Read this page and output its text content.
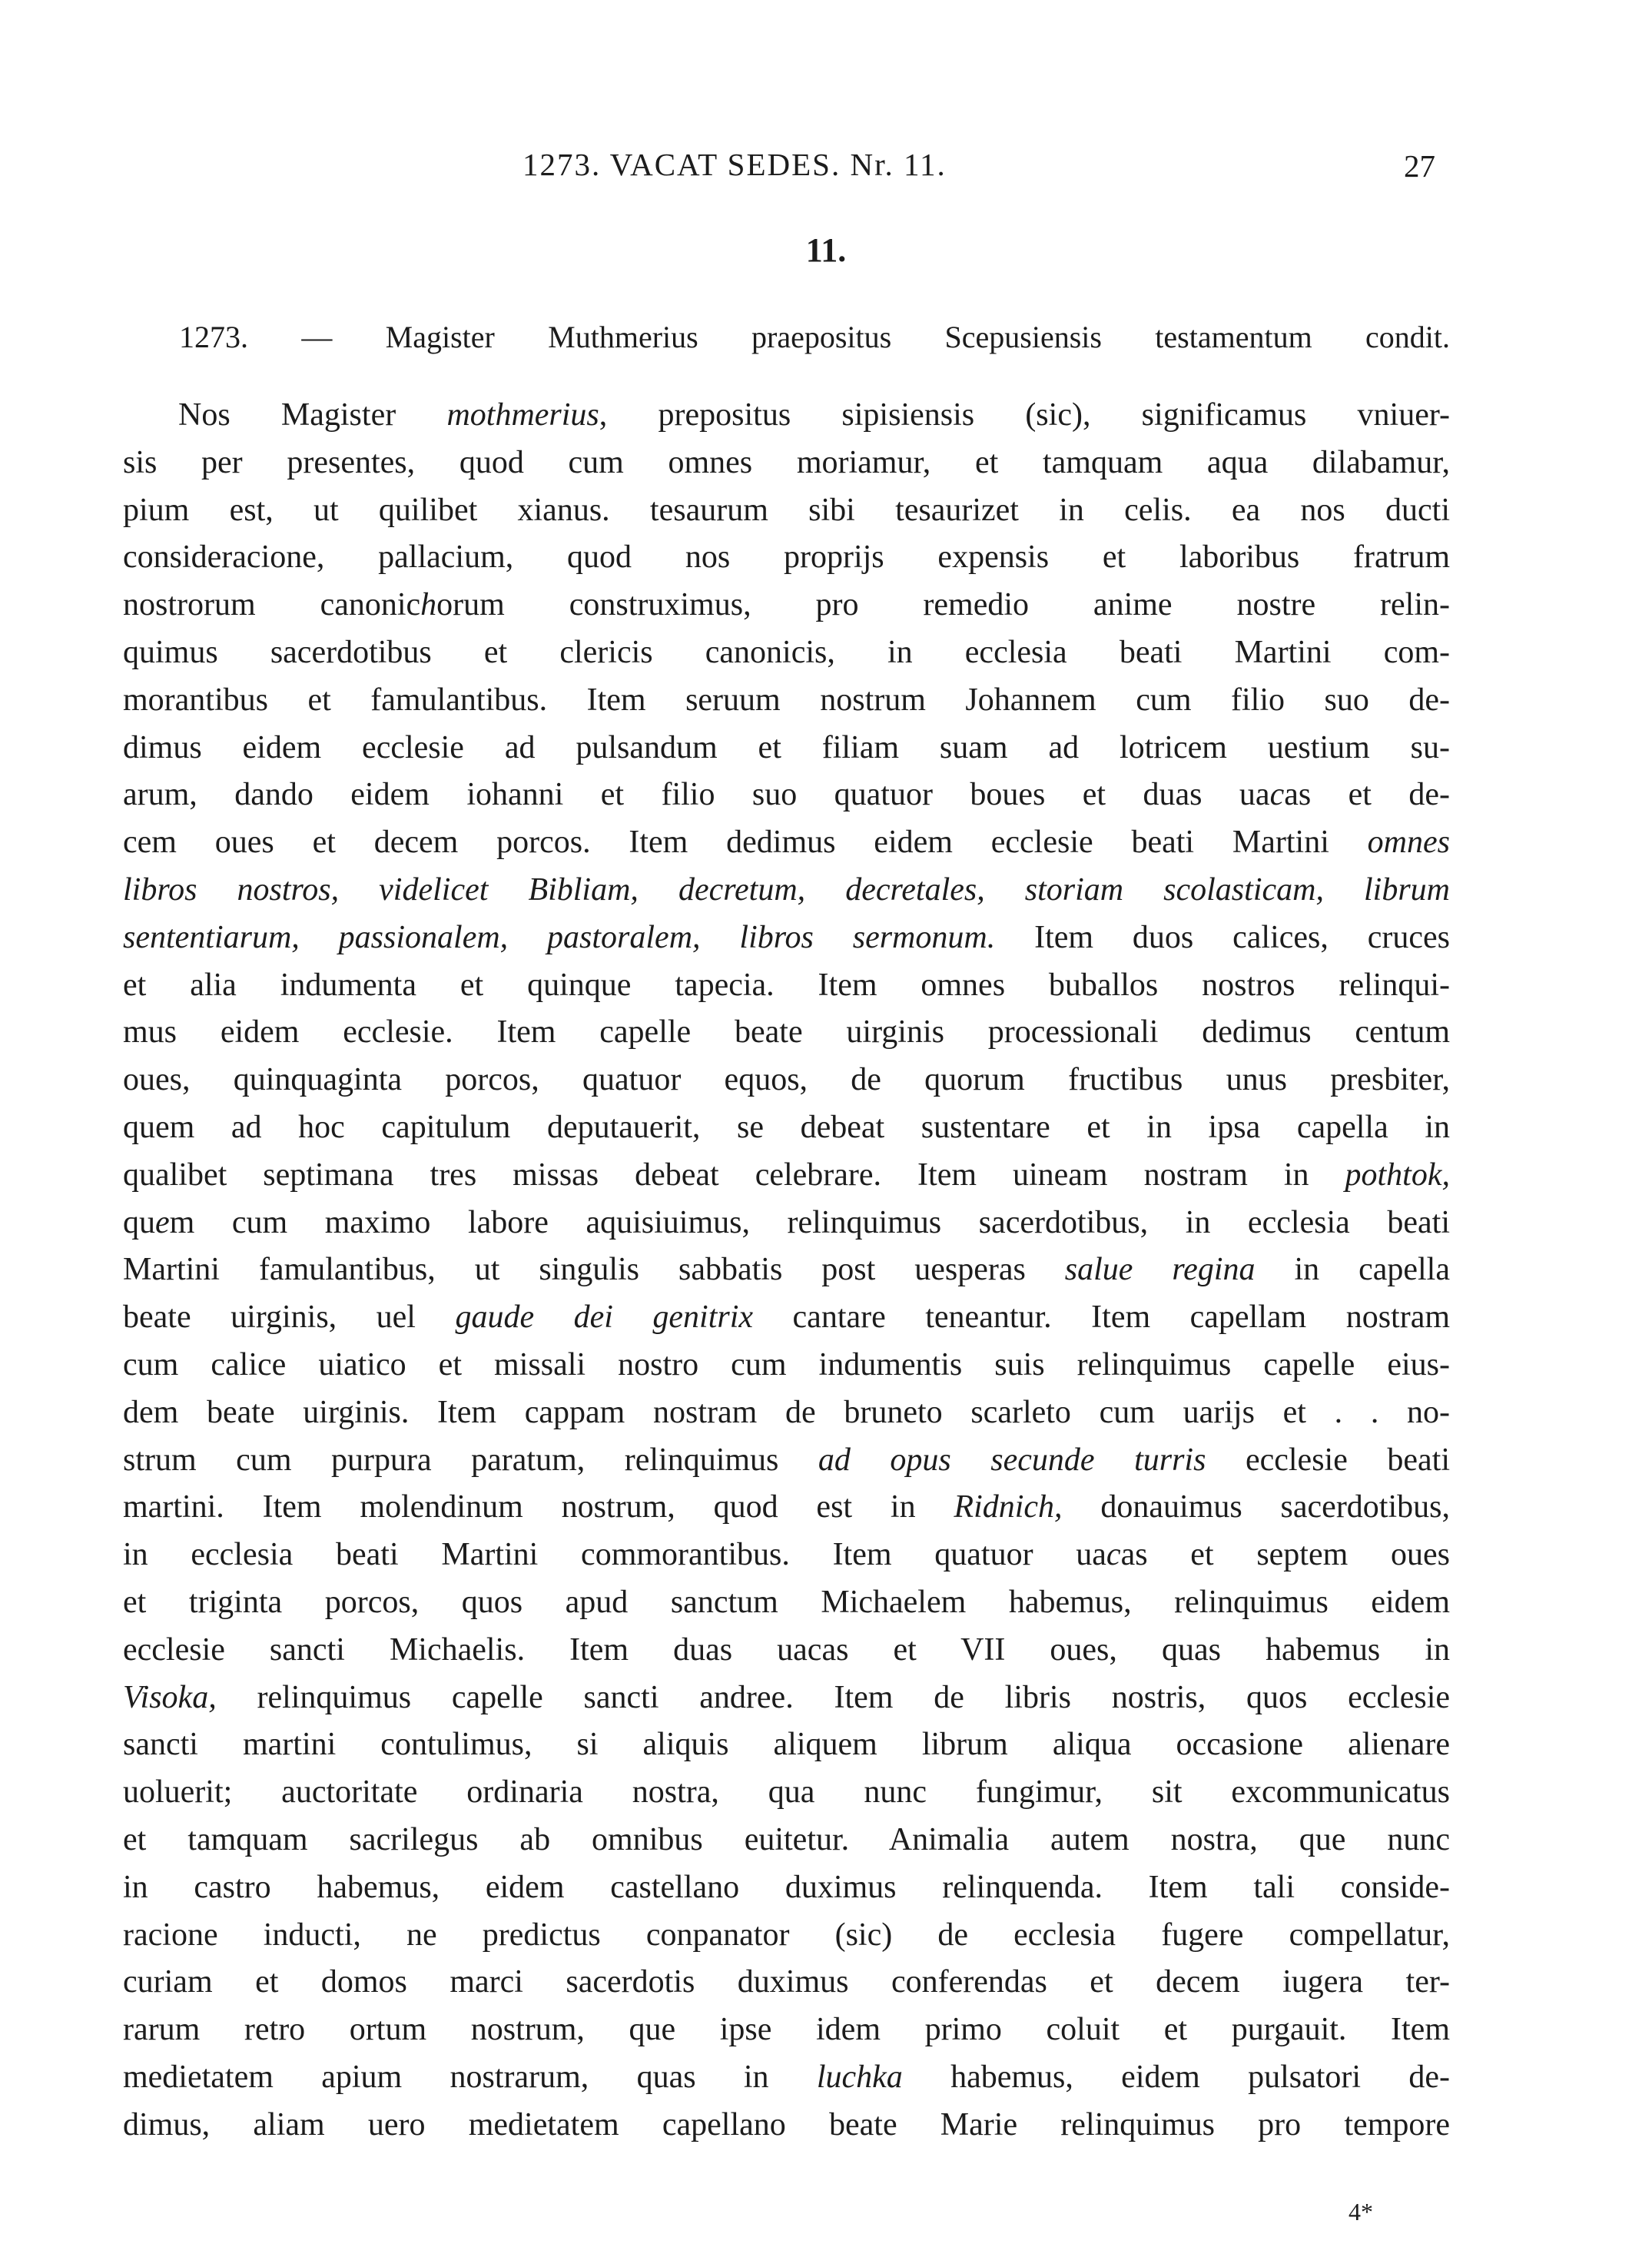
1273. VACAT SEDES. Nr. 11.	27
11.
1273. — Magister Muthmerius praepositus Scepusiensis testamentum condit.
Nos Magister mothmerius, prepositus sipisiensis (sic), significamus vniuer-
sis per presentes, quod cum omnes moriamur, et tamquam aqua dilabamur,
pium est, ut quilibet xianus. tesaurum sibi tesaurizet in celis. ea nos ducti
consideracione, pallacium, quod nos proprijs expensis et laboribus fratrum
nostrorum canonichorum construximus, pro remedio anime nostre relin-
quimus sacerdotibus et clericis canonicis, in ecclesia beati Martini com-
morantibus et famulantibus. Item seruum nostrum Johannem cum filio suo de-
dimus eidem ecclesie ad pulsandum et filiam suam ad lotricem uestium su-
arum, dando eidem iohanni et filio suo quatuor boues et duas uacas et de-
cem oues et decem porcos. Item dedimus eidem ecclesie beati Martini omnes
libros nostros, videlicet Bibliam, decretum, decretales, storiam scolasticam, librum
sententiarum, passionalem, pastoralem, libros sermonum. Item duos calices, cruces
et alia indumenta et quinque tapecia. Item omnes buballos nostros relinqui-
mus eidem ecclesie. Item capelle beate uirginis processionali dedimus centum
oues, quinquaginta porcos, quatuor equos, de quorum fructibus unus presbiter,
quem ad hoc capitulum deputauerit, se debeat sustentare et in ipsa capella in
qualibet septimana tres missas debeat celebrare. Item uineam nostram in pothtok,
quem cum maximo labore aquisiuimus, relinquimus sacerdotibus, in ecclesia beati
Martini famulantibus, ut singulis sabbatis post uesperas salue regina in capella
beate uirginis, uel gaude dei genitrix cantare teneantur. Item capellam nostram
cum calice uiatico et missali nostro cum indumentis suis relinquimus capelle eius-
dem beate uirginis. Item cappam nostram de bruneto scarleto cum uarijs et . . no-
strum cum purpura paratum, relinquimus ad opus secunde turris ecclesie beati
martini. Item molendinum nostrum, quod est in Ridnich, donauimus sacerdotibus,
in ecclesia beati Martini commorantibus. Item quatuor uacas et septem oues
et triginta porcos, quos apud sanctum Michaelem habemus, relinquimus eidem
ecclesie sancti Michaelis. Item duas uacas et VII oues, quas habemus in
Visoka, relinquimus capelle sancti andree. Item de libris nostris, quos ecclesie
sancti martini contulimus, si aliquis aliquem librum aliqua occasione alienare
uoluerit; auctoritate ordinaria nostra, qua nunc fungimur, sit excommunicatus
et tamquam sacrilegus ab omnibus euitetur. Animalia autem nostra, que nunc
in castro habemus, eidem castellano duximus relinquenda. Item tali conside-
racione inducti, ne predictus conpanator (sic) de ecclesia fugere compellatur,
curiam et domos marci sacerdotis duximus conferendas et decem iugera ter-
rarum retro ortum nostrum, que ipse idem primo coluit et purgauit. Item
medietatem apium nostrarum, quas in luchka habemus, eidem pulsatori de-
dimus, aliam uero medietatem capellano beate Marie relinquimus pro tempore
4*
